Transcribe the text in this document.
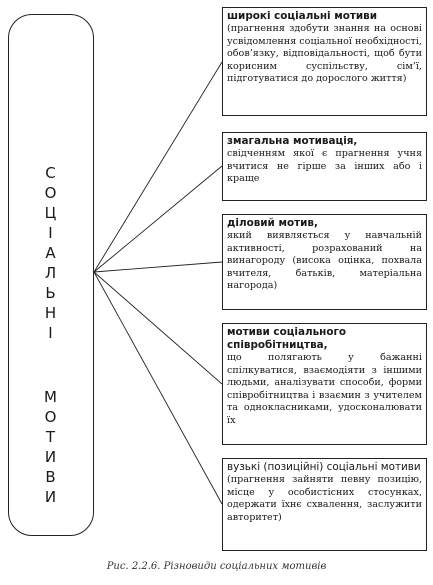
С
О
Ц
І
А
Л
Ь
Н
І
М
О
Т
И
В
И
широкі соціальні мотиви
(прагнення здобути знання на основі усвідомлення соціальної необхідності, обов’язку, відповідальності, щоб бути корисним суспільству, сім’ї, підготуватися до дорослого життя)
змагальна мотивація,
свідченням якої є прагнення учня вчитися не гірше за інших або і краще
діловий мотив,
який виявляється у навчальній активності, розрахований на винагороду (висока оцінка, похвала вчителя, батьків, матеріальна нагорода)
мотиви соціального співробітництва,
що полягають у бажанні спілкуватися, взаємодіяти з іншими людьми, аналізувати способи, форми співробітництва і взаємин з учителем та однокласниками, удосконалювати їх
вузькі (позиційні) соціальні мотиви
(прагнення зайняти певну позицію, місце у особистісних стосунках, одержати їхнє схвалення, заслужити авторитет)
Рис. 2.2.6. Різновиди соціальних мотивів
